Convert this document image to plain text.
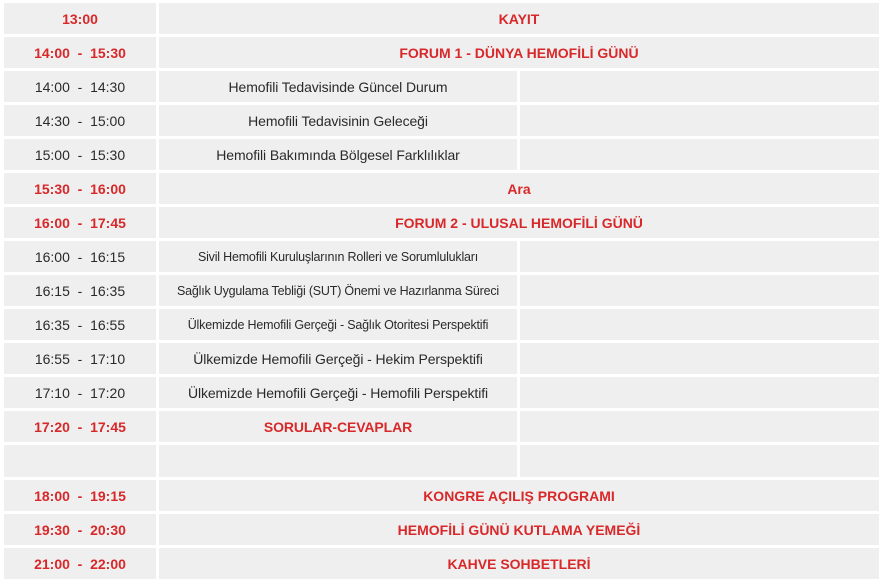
13:00	KAYIT
14:00  -  15:30	FORUM 1 - DÜNYA HEMOFİLİ GÜNÜ
14:00  -  14:30	Hemofili Tedavisinde Güncel Durum
14:30  -  15:00	Hemofili Tedavisinin Geleceği
15:00  -  15:30	Hemofili Bakımında Bölgesel Farklılıklar
15:30  -  16:00	Ara
16:00  -  17:45	FORUM 2 - ULUSAL HEMOFİLİ GÜNÜ
16:00  -  16:15	Sivil Hemofili Kuruluşlarının Rolleri ve Sorumlulukları
16:15  -  16:35	Sağlık Uygulama Tebliği (SUT) Önemi ve Hazırlanma Süreci
16:35  -  16:55	Ülkemizde Hemofili Gerçeği - Sağlık Otoritesi Perspektifi
16:55  -  17:10	Ülkemizde Hemofili Gerçeği - Hekim Perspektifi
17:10  -  17:20	Ülkemizde Hemofili Gerçeği - Hemofili Perspektifi
17:20  -  17:45	SORULAR-CEVAPLAR
18:00  -  19:15	KONGRE AÇILIŞ PROGRAMI
19:30  -  20:30	HEMOFİLİ GÜNÜ KUTLAMA YEMEĞİ
21:00  -  22:00	KAHVE SOHBETLERİ
